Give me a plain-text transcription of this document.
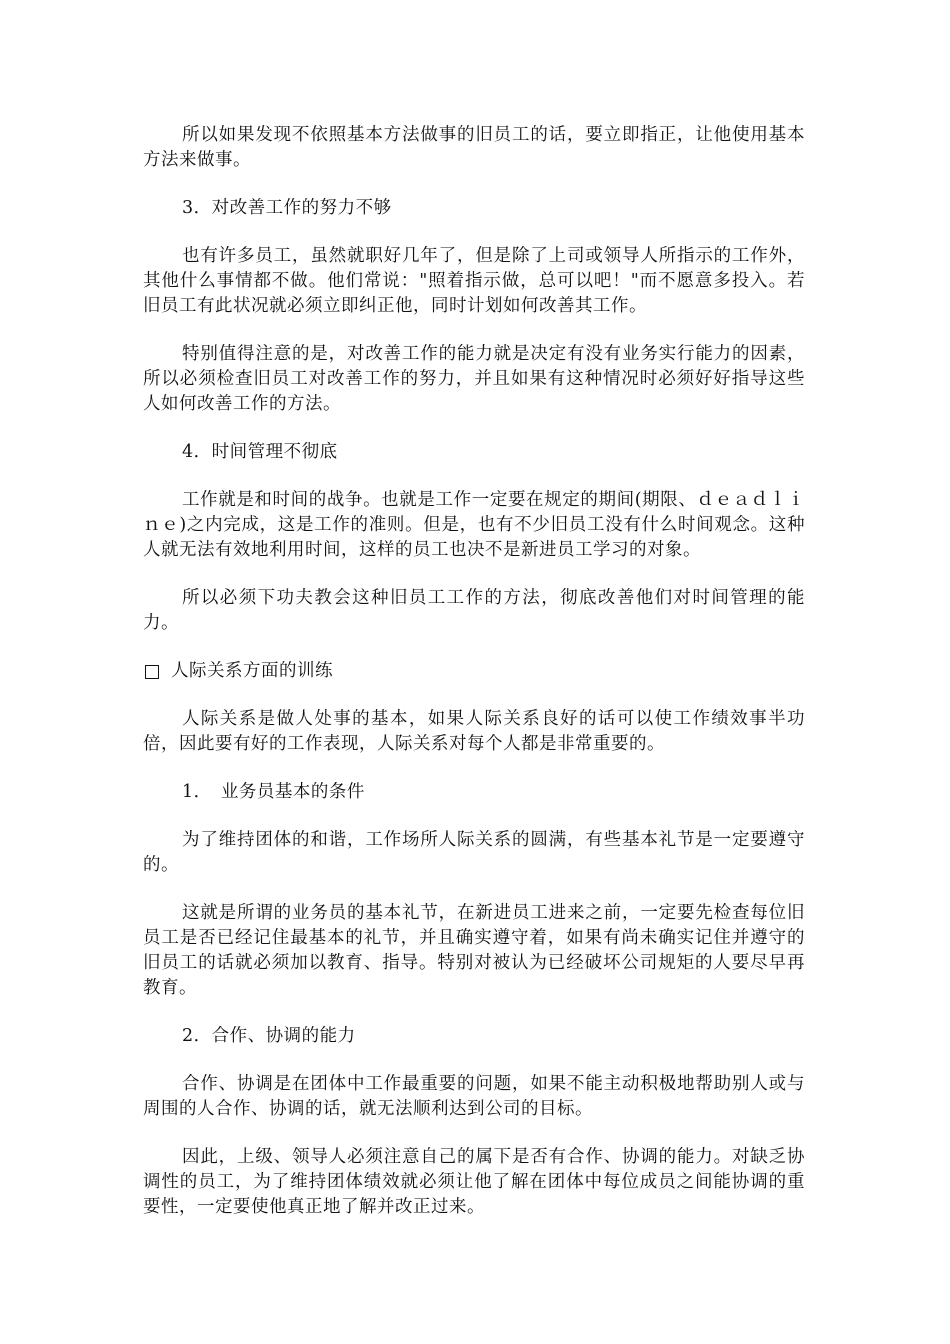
所以如果发现不依照基本方法做事的旧员工的话，要立即指正，让他使用基本方法来做事。

3．对改善工作的努力不够

也有许多员工，虽然就职好几年了，但是除了上司或领导人所指示的工作外，其他什么事情都不做。他们常说："照着指示做，总可以吧！"而不愿意多投入。若旧员工有此状况就必须立即纠正他，同时计划如何改善其工作。

特别值得注意的是，对改善工作的能力就是决定有没有业务实行能力的因素，所以必须检查旧员工对改善工作的努力，并且如果有这种情况时必须好好指导这些人如何改善工作的方法。

4．时间管理不彻底

工作就是和时间的战争。也就是工作一定要在规定的期间(期限、ｄｅａｄｌｉｎｅ)之内完成，这是工作的准则。但是，也有不少旧员工没有什么时间观念。这种人就无法有效地利用时间，这样的员工也决不是新进员工学习的对象。

所以必须下功夫教会这种旧员工工作的方法，彻底改善他们对时间管理的能力。

人际关系方面的训练

人际关系是做人处事的基本，如果人际关系良好的话可以使工作绩效事半功倍，因此要有好的工作表现，人际关系对每个人都是非常重要的。

1．　业务员基本的条件

为了维持团体的和谐，工作场所人际关系的圆满，有些基本礼节是一定要遵守的。

这就是所谓的业务员的基本礼节，在新进员工进来之前，一定要先检查每位旧员工是否已经记住最基本的礼节，并且确实遵守着，如果有尚未确实记住并遵守的旧员工的话就必须加以教育、指导。特别对被认为已经破坏公司规矩的人要尽早再教育。

2．合作、协调的能力

合作、协调是在团体中工作最重要的问题，如果不能主动积极地帮助别人或与周围的人合作、协调的话，就无法顺利达到公司的目标。

因此，上级、领导人必须注意自己的属下是否有合作、协调的能力。对缺乏协调性的员工，为了维持团体绩效就必须让他了解在团体中每位成员之间能协调的重要性，一定要使他真正地了解并改正过来。
